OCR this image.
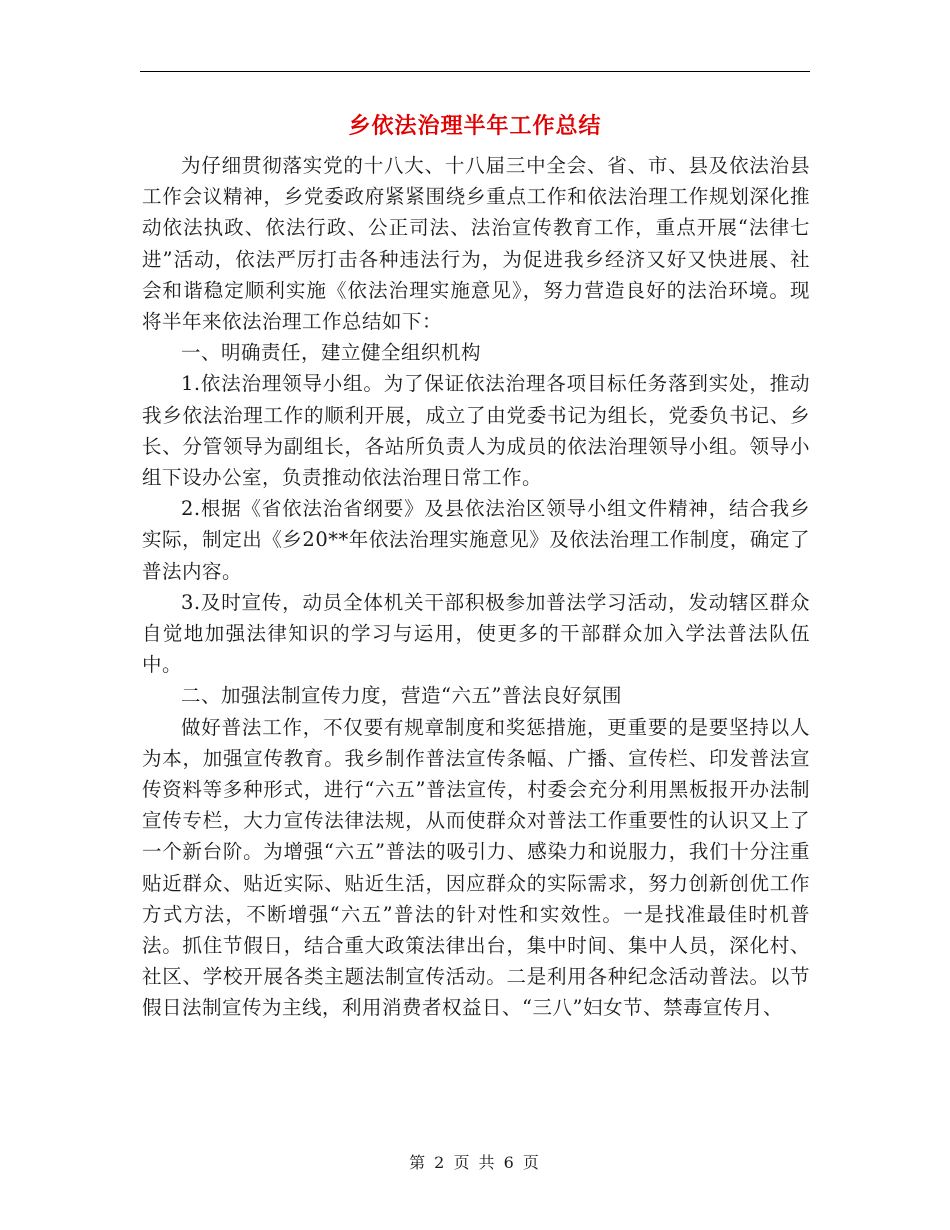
乡依法治理半年工作总结

为仔细贯彻落实党的十八大、十八届三中全会、省、市、县及依法治县工作会议精神，乡党委政府紧紧围绕乡重点工作和依法治理工作规划深化推动依法执政、依法行政、公正司法、法治宣传教育工作，重点开展“法律七进”活动，依法严厉打击各种违法行为，为促进我乡经济又好又快进展、社会和谐稳定顺利实施《依法治理实施意见》，努力营造良好的法治环境。现将半年来依法治理工作总结如下：

一、明确责任，建立健全组织机构

1.依法治理领导小组。为了保证依法治理各项目标任务落到实处，推动我乡依法治理工作的顺利开展，成立了由党委书记为组长，党委负书记、乡长、分管领导为副组长，各站所负责人为成员的依法治理领导小组。领导小组下设办公室，负责推动依法治理日常工作。

2.根据《省依法治省纲要》及县依法治区领导小组文件精神，结合我乡实际，制定出《乡20**年依法治理实施意见》及依法治理工作制度，确定了普法内容。

3.及时宣传，动员全体机关干部积极参加普法学习活动，发动辖区群众自觉地加强法律知识的学习与运用，使更多的干部群众加入学法普法队伍中。

二、加强法制宣传力度，营造“六五”普法良好氛围

做好普法工作，不仅要有规章制度和奖惩措施，更重要的是要坚持以人为本，加强宣传教育。我乡制作普法宣传条幅、广播、宣传栏、印发普法宣传资料等多种形式，进行“六五”普法宣传，村委会充分利用黑板报开办法制宣传专栏，大力宣传法律法规，从而使群众对普法工作重要性的认识又上了一个新台阶。为增强“六五”普法的吸引力、感染力和说服力，我们十分注重贴近群众、贴近实际、贴近生活，因应群众的实际需求，努力创新创优工作方式方法，不断增强“六五”普法的针对性和实效性。一是找准最佳时机普法。抓住节假日，结合重大政策法律出台，集中时间、集中人员，深化村、社区、学校开展各类主题法制宣传活动。二是利用各种纪念活动普法。以节假日法制宣传为主线，利用消费者权益日、“三八”妇女节、禁毒宣传月、

第 2 页 共 6 页
